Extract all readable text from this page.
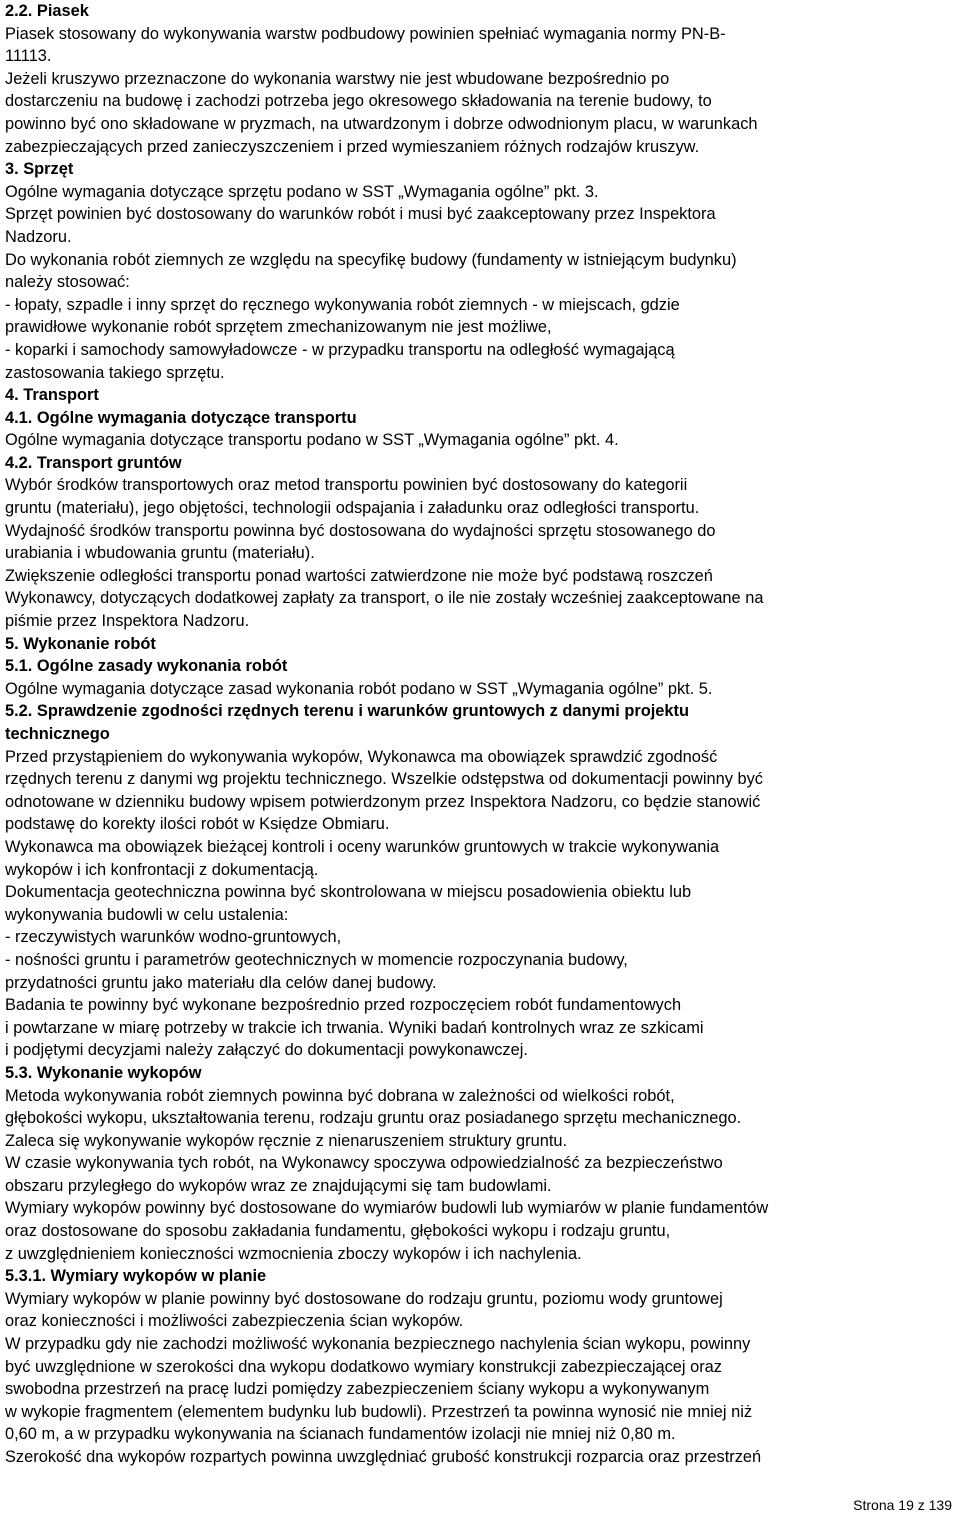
2.2. Piasek
Piasek stosowany do wykonywania warstw podbudowy powinien spełniać wymagania normy PN-B-
11113.
Jeżeli kruszywo przeznaczone do wykonania warstwy nie jest wbudowane bezpośrednio po
dostarczeniu na budowę i zachodzi potrzeba jego okresowego składowania na terenie budowy, to
powinno być ono składowane w pryzmach, na utwardzonym i dobrze odwodnionym placu, w warunkach
zabezpieczających przed zanieczyszczeniem i przed wymieszaniem różnych rodzajów kruszyw.
3. Sprzęt
Ogólne wymagania dotyczące sprzętu podano w SST „Wymagania ogólne” pkt. 3.
Sprzęt powinien być dostosowany do warunków robót i musi być zaakceptowany przez Inspektora
Nadzoru.
Do wykonania robót ziemnych ze względu na specyfikę budowy (fundamenty w istniejącym budynku)
należy stosować:
- łopaty, szpadle i inny sprzęt do ręcznego wykonywania robót ziemnych - w miejscach, gdzie
prawidłowe wykonanie robót sprzętem zmechanizowanym nie jest możliwe,
- koparki i samochody samowyładowcze - w przypadku transportu na odległość wymagającą
zastosowania takiego sprzętu.
4. Transport
4.1. Ogólne wymagania dotyczące transportu
Ogólne wymagania dotyczące transportu podano w SST „Wymagania ogólne” pkt. 4.
4.2. Transport gruntów
Wybór środków transportowych oraz metod transportu powinien być dostosowany do kategorii
gruntu (materiału), jego objętości, technologii odspajania i załadunku oraz odległości transportu.
Wydajność środków transportu powinna być dostosowana do wydajności sprzętu stosowanego do
urabiania i wbudowania gruntu (materiału).
Zwiększenie odległości transportu ponad wartości zatwierdzone nie może być podstawą roszczeń
Wykonawcy, dotyczących dodatkowej zapłaty za transport, o ile nie zostały wcześniej zaakceptowane na
piśmie przez Inspektora Nadzoru.
5. Wykonanie robót
5.1. Ogólne zasady wykonania robót
Ogólne wymagania dotyczące zasad wykonania robót podano w SST „Wymagania ogólne” pkt. 5.
5.2. Sprawdzenie zgodności rzędnych terenu i warunków gruntowych z danymi projektu
technicznego
Przed przystąpieniem do wykonywania wykopów, Wykonawca ma obowiązek sprawdzić zgodność
rzędnych terenu z danymi wg projektu technicznego. Wszelkie odstępstwa od dokumentacji powinny być
odnotowane w dzienniku budowy wpisem potwierdzonym przez Inspektora Nadzoru, co będzie stanowić
podstawę do korekty ilości robót w Księdze Obmiaru.
Wykonawca ma obowiązek bieżącej kontroli i oceny warunków gruntowych w trakcie wykonywania
wykopów i ich konfrontacji z dokumentacją.
Dokumentacja geotechniczna powinna być skontrolowana w miejscu posadowienia obiektu lub
wykonywania budowli w celu ustalenia:
- rzeczywistych warunków wodno-gruntowych,
- nośności gruntu i parametrów geotechnicznych w momencie rozpoczynania budowy,
przydatności gruntu jako materiału dla celów danej budowy.
Badania te powinny być wykonane bezpośrednio przed rozpoczęciem robót fundamentowych
i powtarzane w miarę potrzeby w trakcie ich trwania. Wyniki badań kontrolnych wraz ze szkicami
i podjętymi decyzjami należy załączyć do dokumentacji powykonawczej.
5.3. Wykonanie wykopów
Metoda wykonywania robót ziemnych powinna być dobrana w zależności od wielkości robót,
głębokości wykopu, ukształtowania terenu, rodzaju gruntu oraz posiadanego sprzętu mechanicznego.
Zaleca się wykonywanie wykopów ręcznie z nienaruszeniem struktury gruntu.
W czasie wykonywania tych robót, na Wykonawcy spoczywa odpowiedzialność za bezpieczeństwo
obszaru przyległego do wykopów wraz ze znajdującymi się tam budowlami.
Wymiary wykopów powinny być dostosowane do wymiarów budowli lub wymiarów w planie fundamentów
oraz dostosowane do sposobu zakładania fundamentu, głębokości wykopu i rodzaju gruntu,
z uwzględnieniem konieczności wzmocnienia zboczy wykopów i ich nachylenia.
5.3.1. Wymiary wykopów w planie
Wymiary wykopów w planie powinny być dostosowane do rodzaju gruntu, poziomu wody gruntowej
oraz konieczności i możliwości zabezpieczenia ścian wykopów.
W przypadku gdy nie zachodzi możliwość wykonania bezpiecznego nachylenia ścian wykopu, powinny
być uwzględnione w szerokości dna wykopu dodatkowo wymiary konstrukcji zabezpieczającej oraz
swobodna przestrzeń na pracę ludzi pomiędzy zabezpieczeniem ściany wykopu a wykonywanym
w wykopie fragmentem (elementem budynku lub budowli). Przestrzeń ta powinna wynosić nie mniej niż
0,60 m, a w przypadku wykonywania na ścianach fundamentów izolacji nie mniej niż 0,80 m.
Szerokość dna wykopów rozpartych powinna uwzględniać grubość konstrukcji rozparcia oraz przestrzeń
Strona 19 z 139
